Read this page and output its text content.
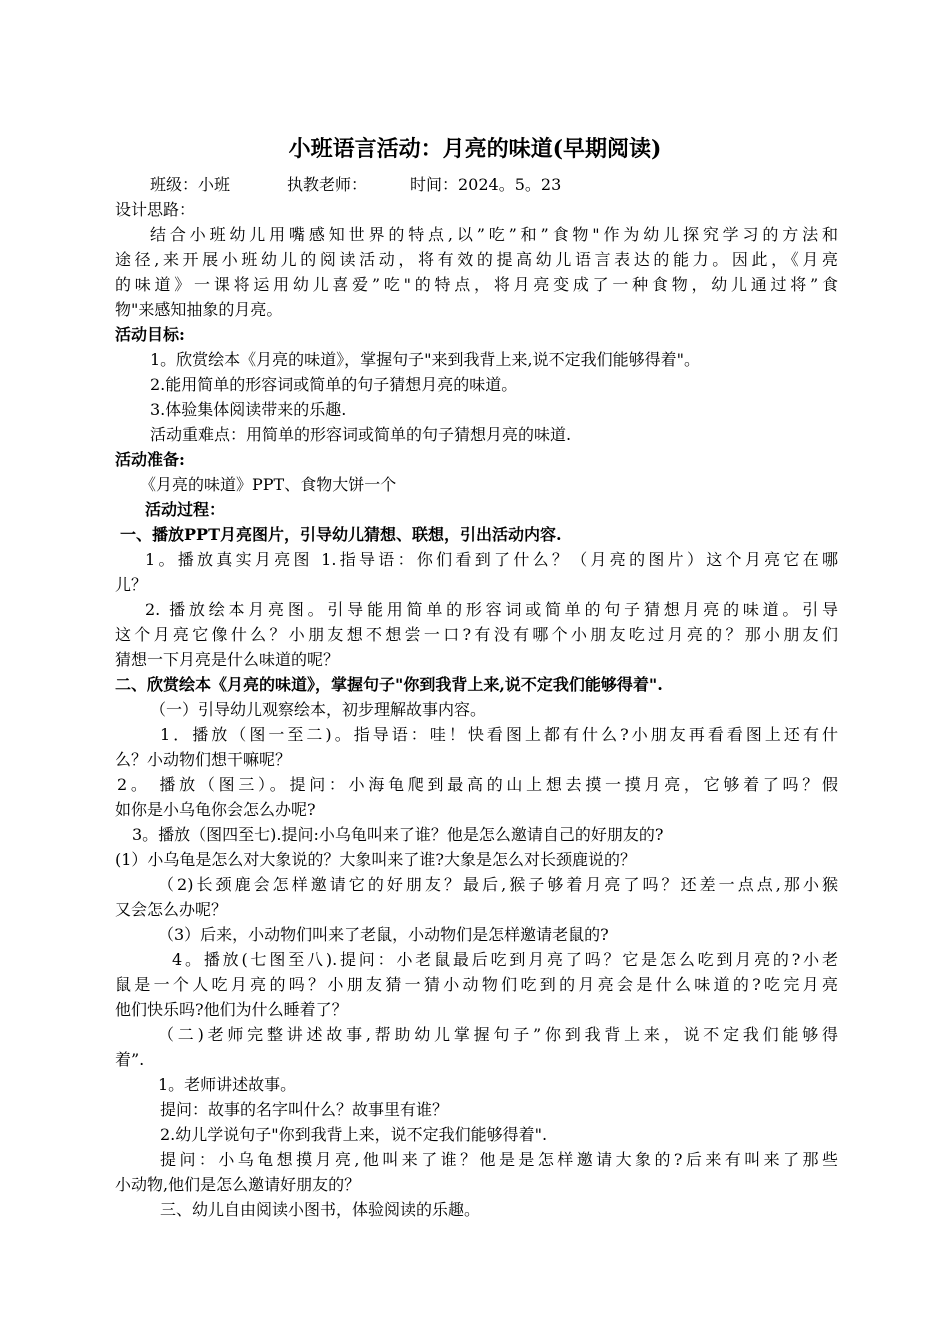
小班语言活动：月亮的味道(早期阅读)
班级：小班	执教老师：	时间：2024。5。23
设计思路：
结合小班幼儿用嘴感知世界的特点,以”吃”和”食物"作为幼儿探究学习的方法和
途径,来开展小班幼儿的阅读活动，将有效的提高幼儿语言表达的能力。因此，《月亮
的味道》一课将运用幼儿喜爱”吃"的特点，将月亮变成了一种食物，幼儿通过将”食
物"来感知抽象的月亮。
活动目标:
1。欣赏绘本《月亮的味道》，掌握句子"来到我背上来,说不定我们能够得着"。
2.能用简单的形容词或简单的句子猜想月亮的味道。
3.体验集体阅读带来的乐趣.
活动重难点：用简单的形容词或简单的句子猜想月亮的味道.
活动准备:
《月亮的味道》PPT、食物大饼一个
活动过程：
一、播放PPT月亮图片，引导幼儿猜想、联想，引出活动内容.
1。播放真实月亮图 1.指导语：你们看到了什么？（月亮的图片）这个月亮它在哪
儿？
2. 播放绘本月亮图。引导能用简单的形容词或简单的句子猜想月亮的味道。引导
这个月亮它像什么？小朋友想不想尝一口?有没有哪个小朋友吃过月亮的？那小朋友们
猜想一下月亮是什么味道的呢？
二、欣赏绘本《月亮的味道》，掌握句子"你到我背上来,说不定我们能够得着".
（一）引导幼儿观察绘本，初步理解故事内容。
1．播放（图一至二)。指导语：哇！快看图上都有什么?小朋友再看看图上还有什
么？小动物们想干嘛呢？
2。 播放（图三）。提问：小海龟爬到最高的山上想去摸一摸月亮，它够着了吗？假
如你是小乌龟你会怎么办呢?
3。播放（图四至七).提问:小乌龟叫来了谁？他是怎么邀请自己的好朋友的?
(1）小乌龟是怎么对大象说的？大象叫来了谁?大象是怎么对长颈鹿说的？
（2)长颈鹿会怎样邀请它的好朋友？最后,猴子够着月亮了吗？还差一点点,那小猴
又会怎么办呢？
（3）后来，小动物们叫来了老鼠，小动物们是怎样邀请老鼠的?
4。播放(七图至八).提问：小老鼠最后吃到月亮了吗？它是怎么吃到月亮的?小老
鼠是一个人吃月亮的吗？小朋友猜一猜小动物们吃到的月亮会是什么味道的?吃完月亮
他们快乐吗?他们为什么睡着了？
（二)老师完整讲述故事,帮助幼儿掌握句子”你到我背上来，说不定我们能够得
着”.
1。老师讲述故事。
提问：故事的名字叫什么？故事里有谁？
2.幼儿学说句子"你到我背上来，说不定我们能够得着".
提问：小乌龟想摸月亮,他叫来了谁？他是是怎样邀请大象的?后来有叫来了那些
小动物,他们是怎么邀请好朋友的？
三、幼儿自由阅读小图书，体验阅读的乐趣。
